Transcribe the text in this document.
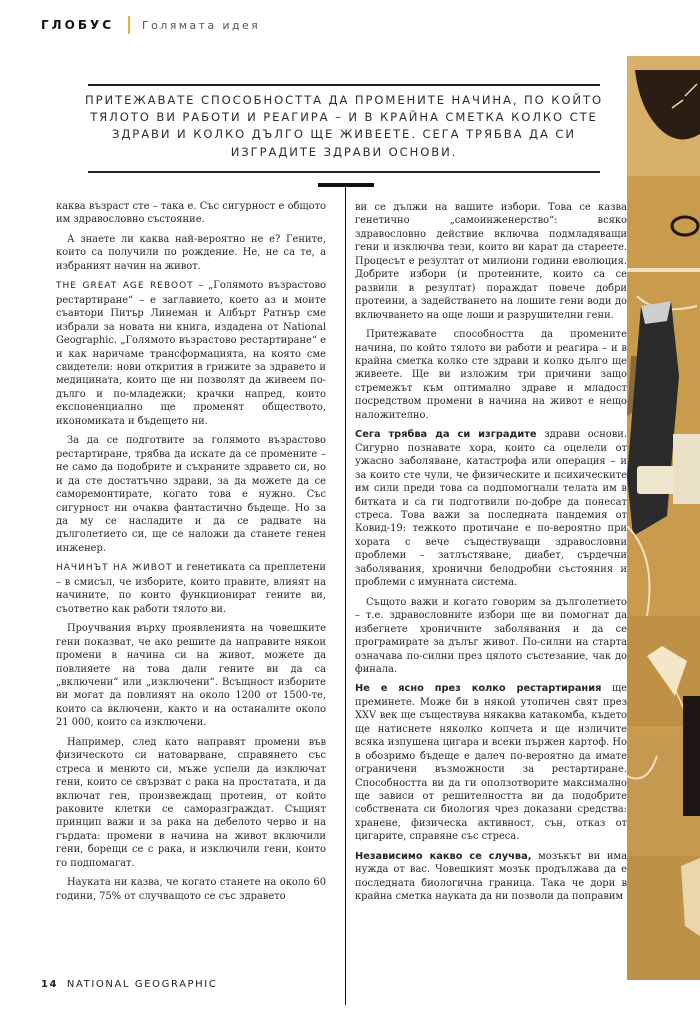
ГЛОБУС	Голямата идея

ПРИТЕЖАВАТЕ СПОСОБНОСТТА ДА ПРОМЕНИТЕ НАЧИНА, ПО КОЙТО ТЯЛОТО ВИ РАБОТИ И РЕАГИРА – И В КРАЙНА СМЕТКА КОЛКО СТЕ ЗДРАВИ И КОЛКО ДЪЛГО ЩЕ ЖИВЕЕТЕ. СЕГА ТРЯБВА ДА СИ ИЗГРАДИТЕ ЗДРАВИ ОСНОВИ.

каква възраст сте – така е. Със сигурност е общото им здравословно състояние.

А знаете ли каква най-вероятно не е? Гените, които са получили по рождение. Не, не са те, а избраният начин на живот.

THE GREAT AGE REBOOT – „Голямото възрастово рестартиране“ – е заглавието, което аз и моите съавтори Питър Линеман и Албърт Ратнър сме избрали за новата ни книга, издадена от National Geographic. „Голямото възрастово рестартиране“ е и как наричаме трансформацията, на която сме свидетели: нови открития в грижите за здравето и медицината, които ще ни позволят да живеем по-дълго и по-младежки; крачки напред, които експоненциално ще променят обществото, икономиката и бъдещето ни.

За да се подготвите за голямото възрастово рестартиране, трябва да искате да се промените – не само да подобрите и съхраните здравето си, но и да сте достатъчно здрави, за да можете да се саморемонтирате, когато това е нужно. Със сигурност ни очаква фантастично бъдеще. Но за да му се насладите и да се радвате на дълголетието си, ще се наложи да станете генен инженер.

НАЧИНЪТ НА ЖИВОТ и генетиката са преплетени – в смисъл, че изборите, които правите, влияят на начините, по които функционират гените ви, съответно как работи тялото ви.

Проучвания върху проявленията на човешките гени показват, че ако решите да направите някои промени в начина си на живот, можете да повлияете на това дали гените ви да са „включени“ или „изключени“. Всъщност изборите ви могат да повлияят на около 1200 от 1500-те, които са включени, както и на останалите около 21 000, които са изключени.

Например, след като направят промени във физическото си натоварване, справянето със стреса и менюто си, мъже успели да изключат гени, които се свързват с рака на простатата, и да включат ген, произвеждащ протеин, от който раковите клетки се саморазграждат. Същият принцип важи и за рака на дебелото черво и на гърдата: промени в начина на живот включили гени, борещи се с рака, и изключили гени, които го подпомагат.

Науката ни казва, че когато станете на около 60 години, 75% от случващото се със здравето

ви се дължи на вашите избори. Това се казва генетично „самоинженерство“: всяко здравословно действие включва подмладяващи гени и изключва тези, които ви карат да стареете. Процесът е резултат от милиони години еволюция. Добрите избори (и протеините, които са се развили в резултат) пораждат повече добри протеини, а задействането на лошите гени води до включването на още лоши и разрушителни гени.

Притежавате способността да промените начина, по който тялото ви работи и реагира – и в крайна сметка колко сте здрави и колко дълго ще живеете. Ще ви изложим три причини защо стремежът към оптимално здраве и младост посредством промени в начина на живот е нещо наложително.

Сега трябва да си изградите здрави основи. Сигурно познавате хора, които са оцелели от ужасно заболяване, катастрофа или операция – и за които сте чули, че физическите и психическите им сили преди това са подпомогнали телата им в битката и са ги подготвили по-добре да понесат стреса. Това важи за последната пандемия от Ковид-19: тежкото протичане е по-вероятно при хората с вече съществуващи здравословни проблеми – затлъстяване, диабет, сърдечни заболявания, хронични белодробни състояния и проблеми с имунната система.

Същото важи и когато говорим за дълголетието – т.е. здравословните избори ще ви помогнат да избегнете хроничните заболявания и да се програмирате за дълъг живот. По-силни на старта означава по-силни през цялото състезание, чак до финала.

Не е ясно през колко рестартирания ще преминете. Може би в някой утопичен свят през XXV век ще съществува някаква катакомба, където ще натиснете няколко копчета и ще изличите всяка изпушена цигара и всеки пържен картоф. Но в обозримо бъдеще е далеч по-вероятно да имате ограничени възможности за рестартиране. Способността ви да ги оползотворите максимално ще зависи от решителността ви да подобрите собствената си биология чрез доказани средства: хранене, физическа активност, сън, отказ от цигарите, справяне със стреса.

Независимо какво се случва, мозъкът ви има нужда от вас. Човешкият мозък продължава да е последната биологична граница. Така че дори в крайна сметка науката да ни позволи да поправим

14 NATIONAL GEOGRAPHIC
